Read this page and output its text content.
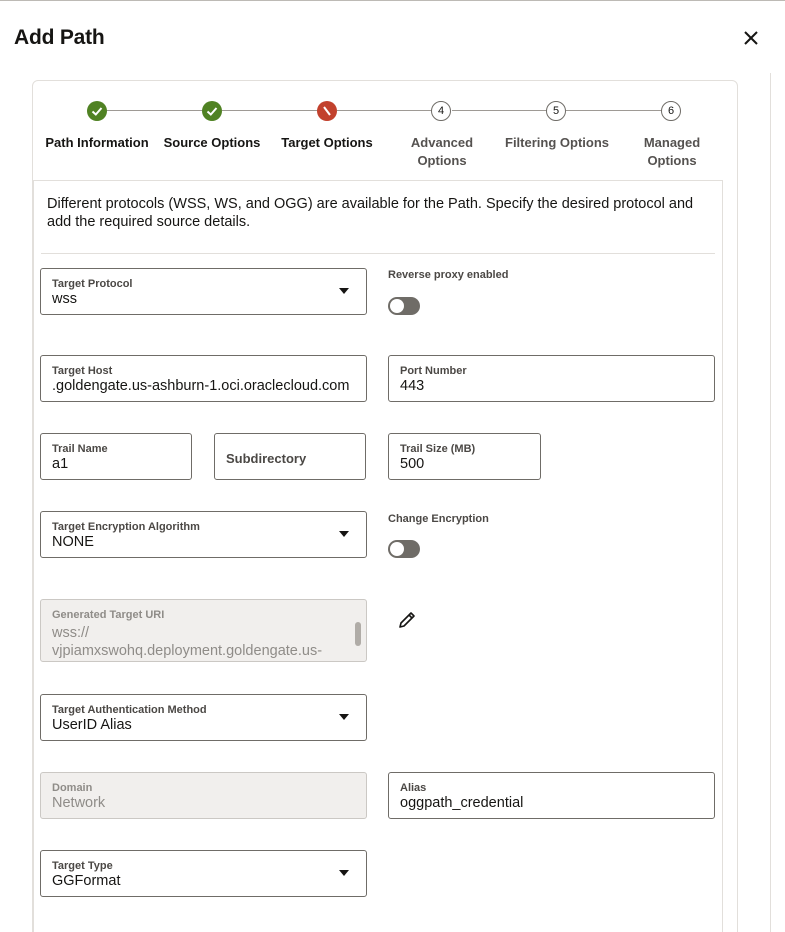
Add Path
Path Information	Source Options	Target Options
4
Advanced
Options
5
Filtering Options
6
Managed
Options
Different protocols (WSS, WS, and OGG) are available for the Path. Specify the desired protocol and add the required source details.
Target Protocol
wss
Reverse proxy enabled
Target Host
.goldengate.us-ashburn-1.oci.oraclecloud.com
Port Number
443
Trail Name
a1	Subdirectory
Trail Size (MB)
500
Target Encryption Algorithm
NONE
Change Encryption
Generated Target URI
wss://
vjpiamxswohq.deployment.goldengate.us-
Target Authentication Method
UserID Alias
Domain
Network
Alias
oggpath_credential
Target Type
GGFormat
